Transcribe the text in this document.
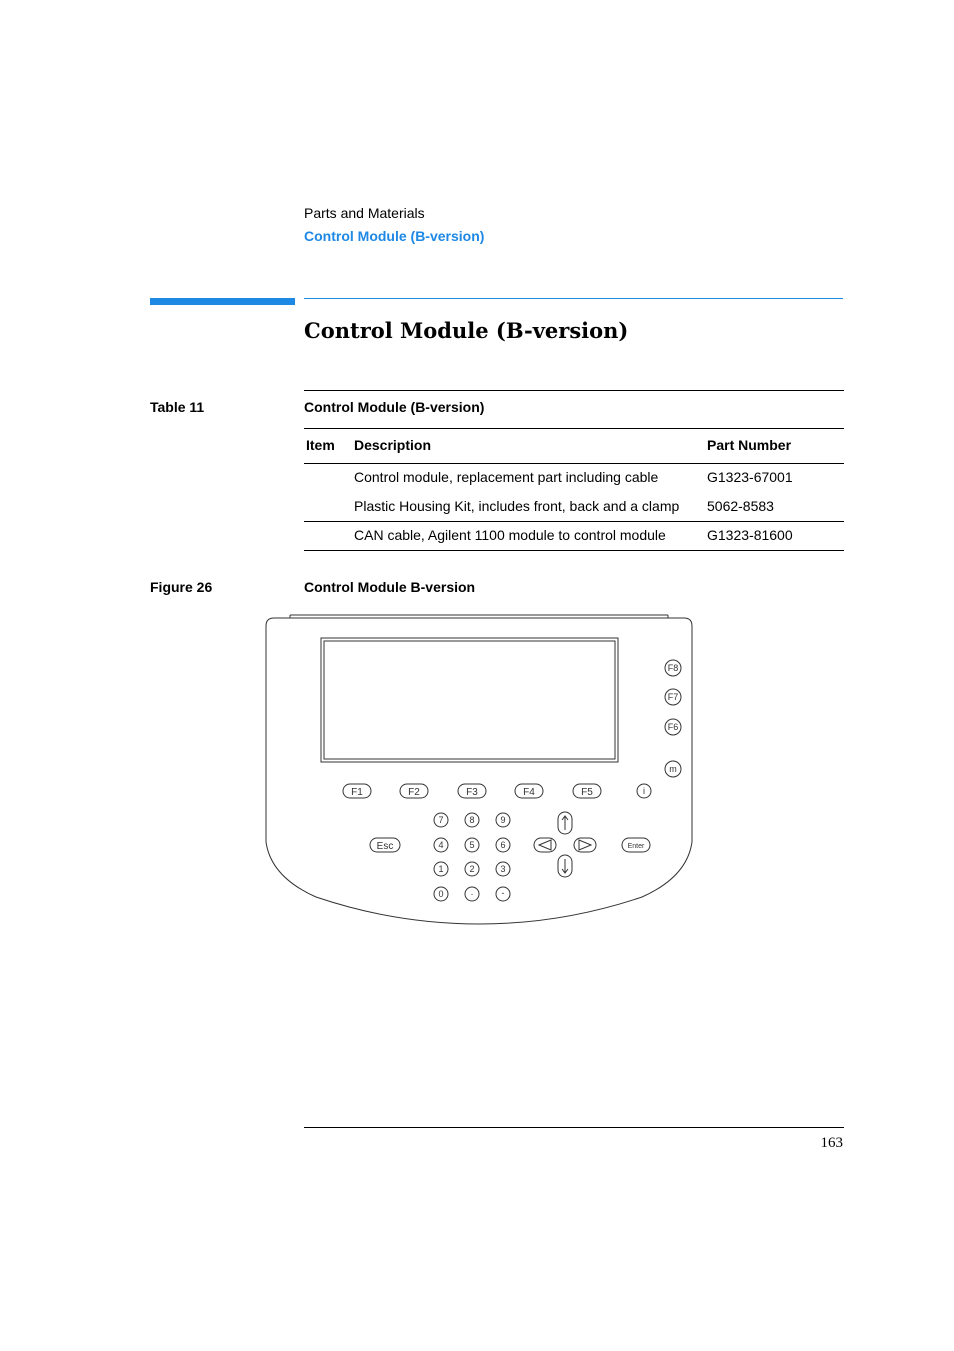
Parts and Materials
Control Module (B-version)
Control Module (B-version)
Table 11	Control Module (B-version)
Item Description	Part Number
Control module, replacement part including cable	G1323-67001
Plastic Housing Kit, includes front, back and a clamp 5062-8583
CAN cable, Agilent 1100 module to control module	G1323-81600
Figure 26	Control Module B-version
F8
F7
F6
m
F1	F2	F3	F4	F5	i
Esc
7	8	9
4	5	6
1	2	3
0	.	-
Enter
163
